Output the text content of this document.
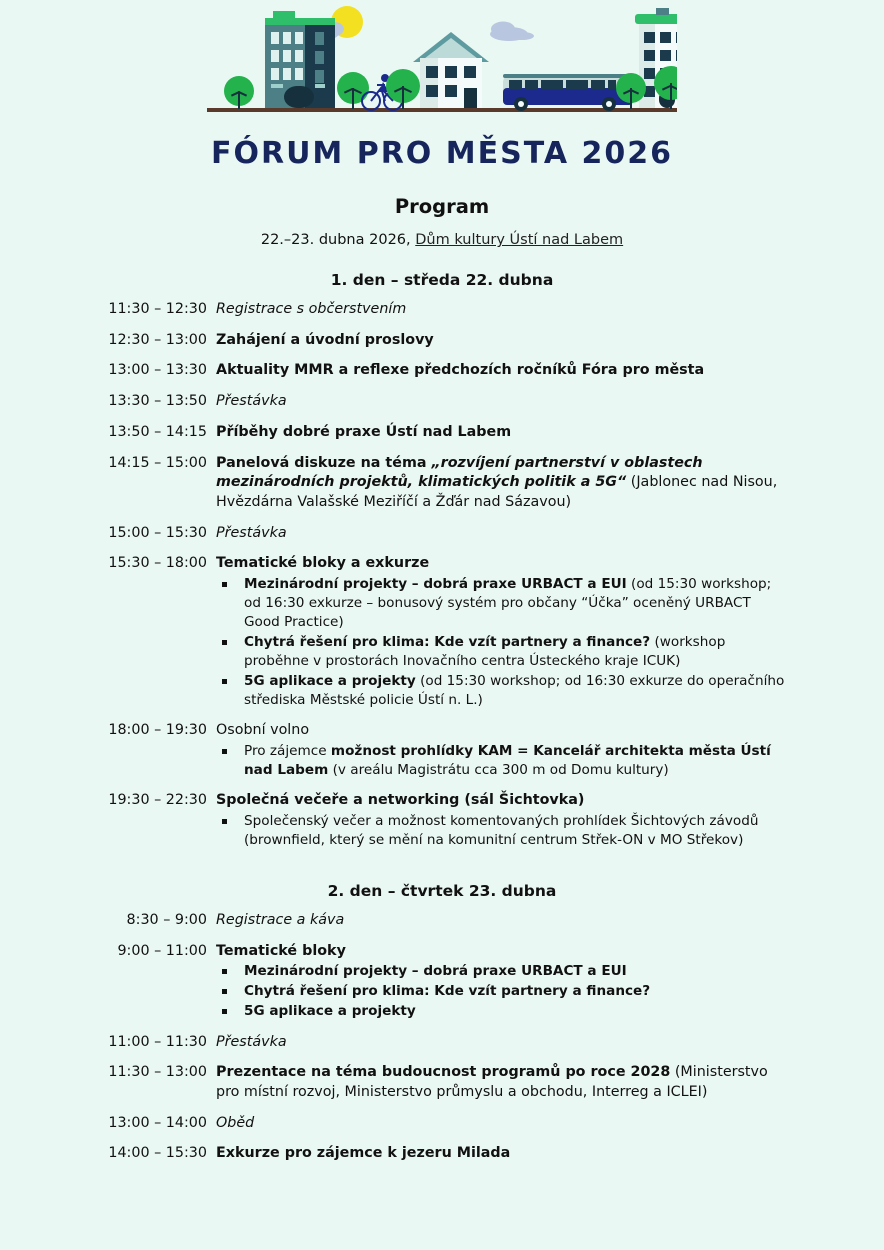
FÓRUM PRO MĚSTA 2026
Program
22.–23. dubna 2026, Dům kultury Ústí nad Labem
1. den – středa 22. dubna
11:30 – 12:30 Registrace s občerstvením
12:30 – 13:00 Zahájení a úvodní proslovy
13:00 – 13:30 Aktuality MMR a reflexe předchozích ročníků Fóra pro města
13:30 – 13:50 Přestávka
13:50 – 14:15 Příběhy dobré praxe Ústí nad Labem
14:15 – 15:00 Panelová diskuze na téma „rozvíjení partnerství v oblastech mezinárodních projektů, klimatických politik a 5G“ (Jablonec nad Nisou, Hvězdárna Valašské Meziříčí a Žďár nad Sázavou)
15:00 – 15:30 Přestávka
15:30 – 18:00 Tematické bloky a exkurze
Mezinárodní projekty – dobrá praxe URBACT a EUI (od 15:30 workshop; od 16:30 exkurze – bonusový systém pro občany “Účka” oceněný URBACT Good Practice)
Chytrá řešení pro klima: Kde vzít partnery a finance? (workshop proběhne v prostorách Inovačního centra Ústeckého kraje ICUK)
5G aplikace a projekty (od 15:30 workshop; od 16:30 exkurze do operačního střediska Městské policie Ústí n. L.)
18:00 – 19:30 Osobní volno
Pro zájemce možnost prohlídky KAM = Kancelář architekta města Ústí nad Labem (v areálu Magistrátu cca 300 m od Domu kultury)
19:30 – 22:30 Společná večeře a networking (sál Šichtovka)
Společenský večer a možnost komentovaných prohlídek Šichtových závodů (brownfield, který se mění na komunitní centrum Střek-ON v MO Střekov)
2. den – čtvrtek 23. dubna
8:30 – 9:00 Registrace a káva
9:00 – 11:00 Tematické bloky
Mezinárodní projekty – dobrá praxe URBACT a EUI
Chytrá řešení pro klima: Kde vzít partnery a finance?
5G aplikace a projekty
11:00 – 11:30 Přestávka
11:30 – 13:00 Prezentace na téma budoucnost programů po roce 2028 (Ministerstvo pro místní rozvoj, Ministerstvo průmyslu a obchodu, Interreg a ICLEI)
13:00 – 14:00 Oběd
14:00 – 15:30 Exkurze pro zájemce k jezeru Milada
